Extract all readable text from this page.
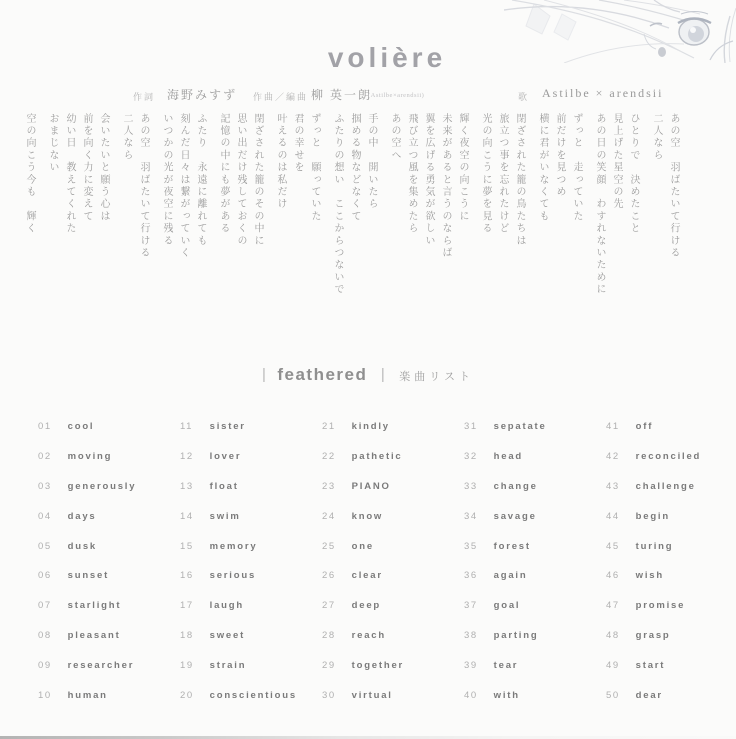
volière
作詞 海野みすず 作曲／編曲 柳 英一朗
(Astilbe×arendsii)	歌 Astilbe × arendsii

あの空　羽ばたいて行ける

二人なら

ひとりで　決めたこと

見上げた星空の先

あの日の笑顔　わすれないために

ずっと　走っていた

前だけを見つめ

横に君がいなくても

閉ざされた籠の鳥たちは

旅立つ事を忘れたけど

光の向こうに夢を見る

輝く夜空の向こうに

未来があると言うのならば

翼を広げる勇気が欲しい

飛び立つ風を集めたら

あの空へ

手の中　開いたら

掴める物などなくて

ふたりの想い　ここからつないで

ずっと　願っていた

君の幸せを

叶えるのは私だけ

閉ざされた籠のその中に

思い出だけ残しておくの

記憶の中にも夢がある

ふたり　永遠に離れても

刻んだ日々は繋がっていく

いつかの光が夜空に残る

あの空　羽ばたいて行ける

二人なら

会いたいと願う心は

前を向く力に変えて

幼い日　教えてくれた

おまじない

空の向こう今も　輝く

| feathered | 楽曲リスト
01 cool
02 moving
03 generously
04 days
05 dusk
06 sunset
07 starlight
08 pleasant
09 researcher
10 human
11 sister
12 lover
13 float
14 swim
15 memory
16 serious
17 laugh
18 sweet
19 strain
20 conscientious
21 kindly
22 pathetic
23 PIANO
24 know
25 one
26 clear
27 deep
28 reach
29 together
30 virtual
31 sepatate
32 head
33 change
34 savage
35 forest
36 again
37 goal
38 parting
39 tear
40 with
41 off
42 reconciled
43 challenge
44 begin
45 turing
46 wish
47 promise
48 grasp
49 start
50 dear
